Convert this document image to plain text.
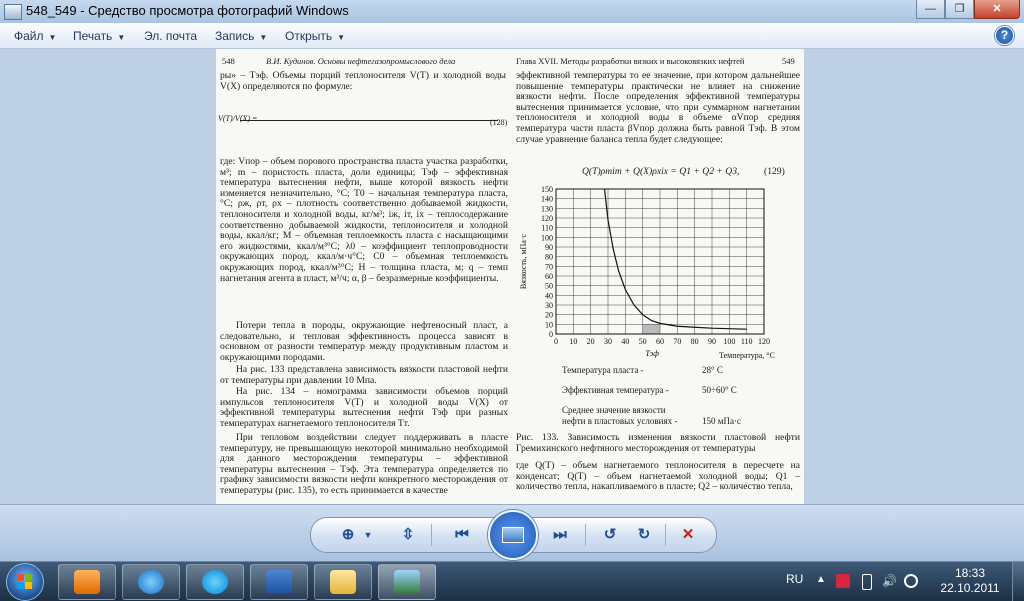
548_549 - Средство просмотра фотографий Windows	—	❐	✕
Файл ▼ Печать ▼ Эл. почта Запись ▼ Открыть ▼	?
548	В.И. Кудинов. Основы нефтегазопромыслового дела	Глава XVII. Методы разработки вязких и высоковязких нефтей	549
ры» – Tэф. Объемы порций теплоносителя V(T) и холодной воды V(X) определяются по формуле:
V(T)/V(X) =	(128)
где: Vпор – объем порового пространства пласта участка разработки, м³; m – пористость пласта, доли единицы; Tэф – эффективная температура вытеснения нефти, выше которой вязкость нефти изменяется незначительно, °С; T0 – начальная температура пласта, °С; ρж, ρт, ρх – плотность соответственно добываемой жидкости, теплоносителя и холодной воды, кг/м³; iж, iт, iх – теплосодержание соответственно добываемой жидкости, теплоносителя и холодной воды, ккал/кг; M – объемная теплоемкость пласта с насыщающими его жидкостями, ккал/м³°С; λ0 – коэффициент теплопроводности окружающих пород, ккал/м·ч°С; C0 – объемная теплоемкость окружающих пород, ккал/м³°С; H – толщина пласта, м; q – темп нагнетания агента в пласт, м³/ч; α, β – безразмерные коэффициенты.
Потери тепла в породы, окружающие нефтеносный пласт, а следовательно, и тепловая эффективность процесса зависят в основном от разности температур между продуктивным пластом и окружающими породами.
На рис. 133 представлена зависимость вязкости пластовой нефти от температуры при давлении 10 Мпа.
На рис. 134 – номограмма зависимости объемов порций импульсов теплоносителя V(T) и холодной воды V(X) от эффективной температуры вытеснения нефти Tэф при разных температурах нагнетаемого теплоносителя Tт.
При тепловом воздействии следует поддерживать в пласте температуру, не превышающую некоторой минимально необходимой для данного месторождения температуры – эффективной температуры вытеснения – Tэф. Эта температура определяется по графику зависимости вязкости нефти конкретного месторождения от температуры (рис. 135), то есть принимается в качестве
эффективной температуры то ее значение, при котором дальнейшее повышение температуры практически не влияет на снижение вязкости нефти. После определения эффективной температуры вытеснения принимается условие, что при суммарном нагнетании теплоносителя и холодной воды в объеме αVпор средняя температура части пласта βVпор должна быть равной Tэф. В этом случае уравнение баланса тепла будет следующее:
Q(T)ρтiт + Q(X)ρхiх = Q1 + Q2 + Q3,	(129)
0 10 20 30 40 50 60 70 80 90 100 110 120
0
10
20
30
40
50
60
70
80
90
100
110
120
130
140
150
Вязкость, мПа·с
Температура, °С
Tэф
Температура пласта -	28° С
Эффективная температура -	50÷60° С
Среднее значение вязкости
нефти в пластовых условиях -	150 мПа·с
Рис. 133. Зависимость изменения вязкости пластовой нефти Гремихинского нефтяного месторождения от температуры
где Q(T) – объем нагнетаемого теплоносителя в пересчете на конденсат; Q(T) – объем нагнетаемой холодной воды; Q1 – количество тепла, накапливаемого в пласте; Q2 – количество тепла,
⊕	▼	⇳	⏮	⏭	↺	↻	✕
RU ▲	🔊
18:33
22.10.2011
